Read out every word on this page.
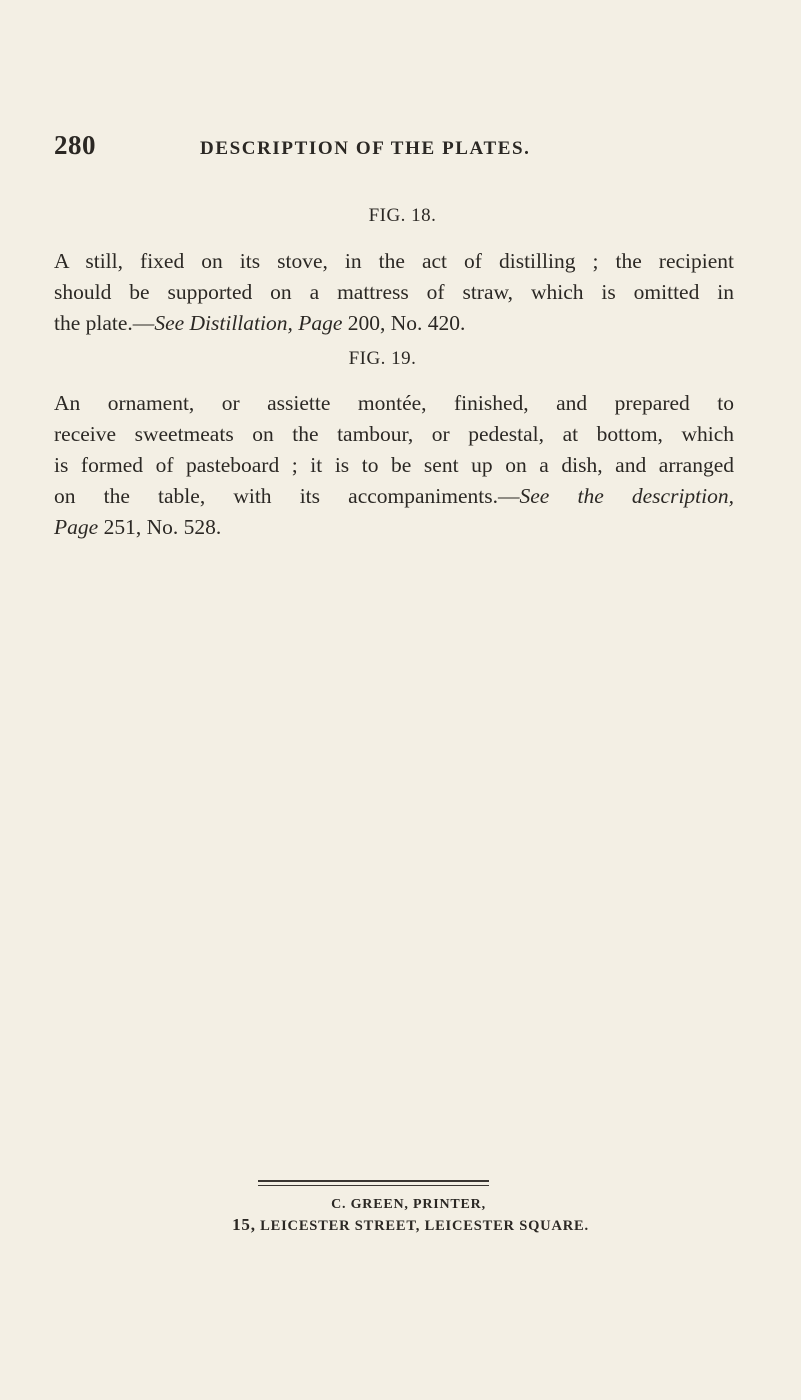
280	DESCRIPTION OF THE PLATES.
FIG. 18.
A still, fixed on its stove, in the act of distilling ; the recipient
should be supported on a mattress of straw, which is omitted in
the plate.—See Distillation, Page 200, No. 420.
FIG. 19.
An ornament, or assiette montée, finished, and prepared to
receive sweetmeats on the tambour, or pedestal, at bottom, which
is formed of pasteboard ; it is to be sent up on a dish, and arranged
on the table, with its accompaniments.—See the description,
Page 251, No. 528.
C. GREEN, PRINTER,
15, LEICESTER STREET, LEICESTER SQUARE.
